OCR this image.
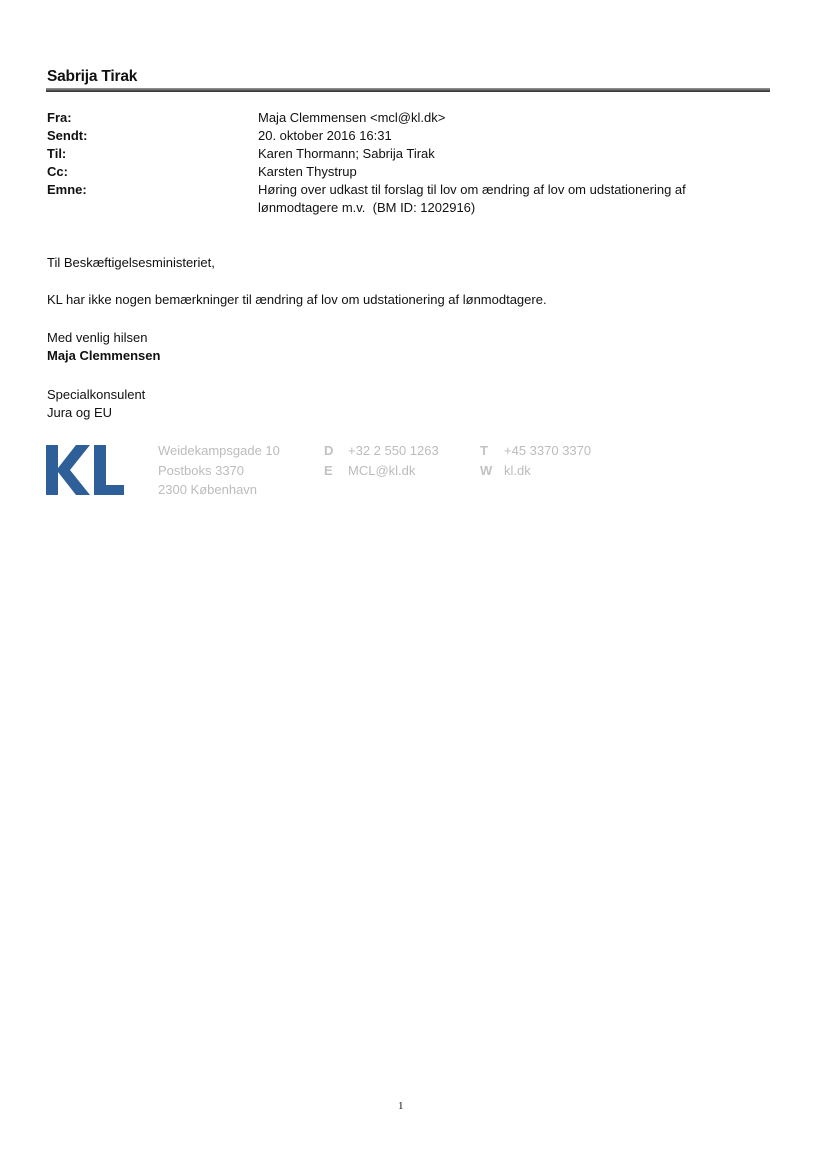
Sabrija Tirak
Fra:	Maja Clemmensen <mcl@kl.dk>
Sendt:	20. oktober 2016 16:31
Til:	Karen Thormann; Sabrija Tirak
Cc:	Karsten Thystrup
Emne:	Høring over udkast til forslag til lov om ændring af lov om udstationering af lønmodtagere m.v.  (BM ID: 1202916)
Til Beskæftigelsesministeriet,
KL har ikke nogen bemærkninger til ændring af lov om udstationering af lønmodtagere.
Med venlig hilsen
Maja Clemmensen
Specialkonsulent
Jura og EU
Weidekampsgade 10
Postboks 3370
2300 København
D	+32 2 550 1263
E	MCL@kl.dk
T	+45 3370 3370
W kl.dk
1
